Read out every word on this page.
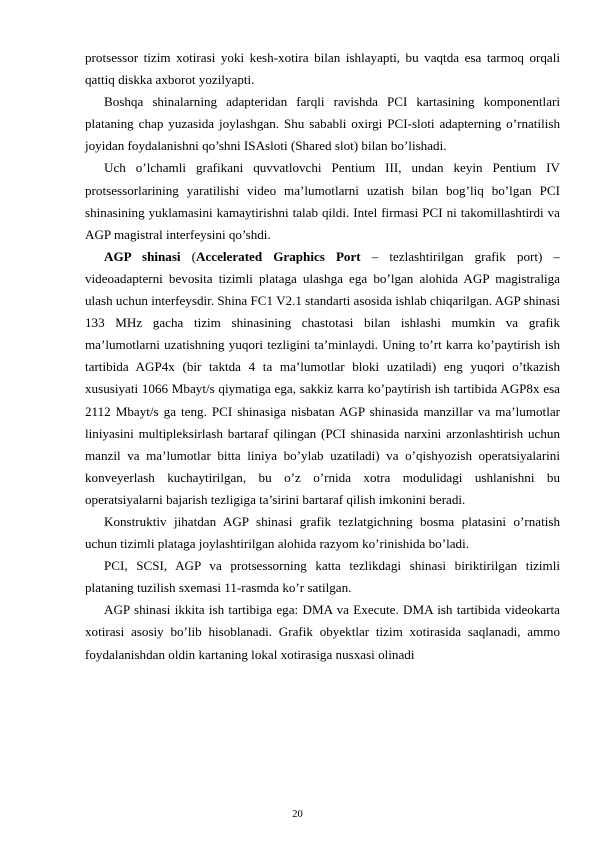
protsessor tizim xotirasi yoki kesh-xotira bilan ishlayapti, bu vaqtda esa tarmoq orqali qattiq diskka axborot yozilyapti.

Boshqa shinalarning adapteridan farqli ravishda PCI kartasining komponentlari plataning chap yuzasida joylashgan. Shu sababli oxirgi PCI-sloti adapterning o’rnatilish joyidan foydalanishni qo’shni ISAsloti (Shared slot) bilan bo’lishadi.

Uch o’lchamli grafikani quvvatlovchi Pentium III, undan keyin Pentium IV protsessorlarining yaratilishi video ma’lumotlarni uzatish bilan bog’liq bo’lgan PCI shinasining yuklamasini kamaytirishni talab qildi. Intel firmasi PCI ni takomillashtirdi va AGP magistral interfeysini qo’shdi.

AGP shinasi (Accelerated Graphics Port – tezlashtirilgan grafik port) – videoadapterni bevosita tizimli plataga ulashga ega bo’lgan alohida AGP magistraliga ulash uchun interfeysdir. Shina FC1 V2.1 standarti asosida ishlab chiqarilgan. AGP shinasi 133 MHz gacha tizim shinasining chastotasi bilan ishlashi mumkin va grafik ma’lumotlarni uzatishning yuqori tezligini ta’minlaydi. Uning to’rt karra ko’paytirish ish tartibida AGP4x (bir taktda 4 ta ma’lumotlar bloki uzatiladi) eng yuqori o’tkazish xususiyati 1066 Mbayt/s qiymatiga ega, sakkiz karra ko’paytirish ish tartibida AGP8x esa 2112 Mbayt/s ga teng. PCI shinasiga nisbatan AGP shinasida manzillar va ma’lumotlar liniyasini multipleksirlash bartaraf qilingan (PCI shinasida narxini arzonlashtirish uchun manzil va ma’lumotlar bitta liniya bo’ylab uzatiladi) va o’qishyozish operatsiyalarini konveyerlash kuchaytirilgan, bu o’z o’rnida xotra modulidagi ushlanishni bu operatsiyalarni bajarish tezligiga ta’sirini bartaraf qilish imkonini beradi.

Konstruktiv jihatdan AGP shinasi grafik tezlatgichning bosma platasini o’rnatish uchun tizimli plataga joylashtirilgan alohida razyom ko’rinishida bo’ladi.

PCI, SCSI, AGP va protsessorning katta tezlikdagi shinasi biriktirilgan tizimli plataning tuzilish sxemasi 11-rasmda ko’r satilgan.

AGP shinasi ikkita ish tartibiga ega: DMA va Execute. DMA ish tartibida videokarta xotirasi asosiy bo’lib hisoblanadi. Grafik obyektlar tizim xotirasida saqlanadi, ammo foydalanishdan oldin kartaning lokal xotirasiga nusxasi olinadi

20
